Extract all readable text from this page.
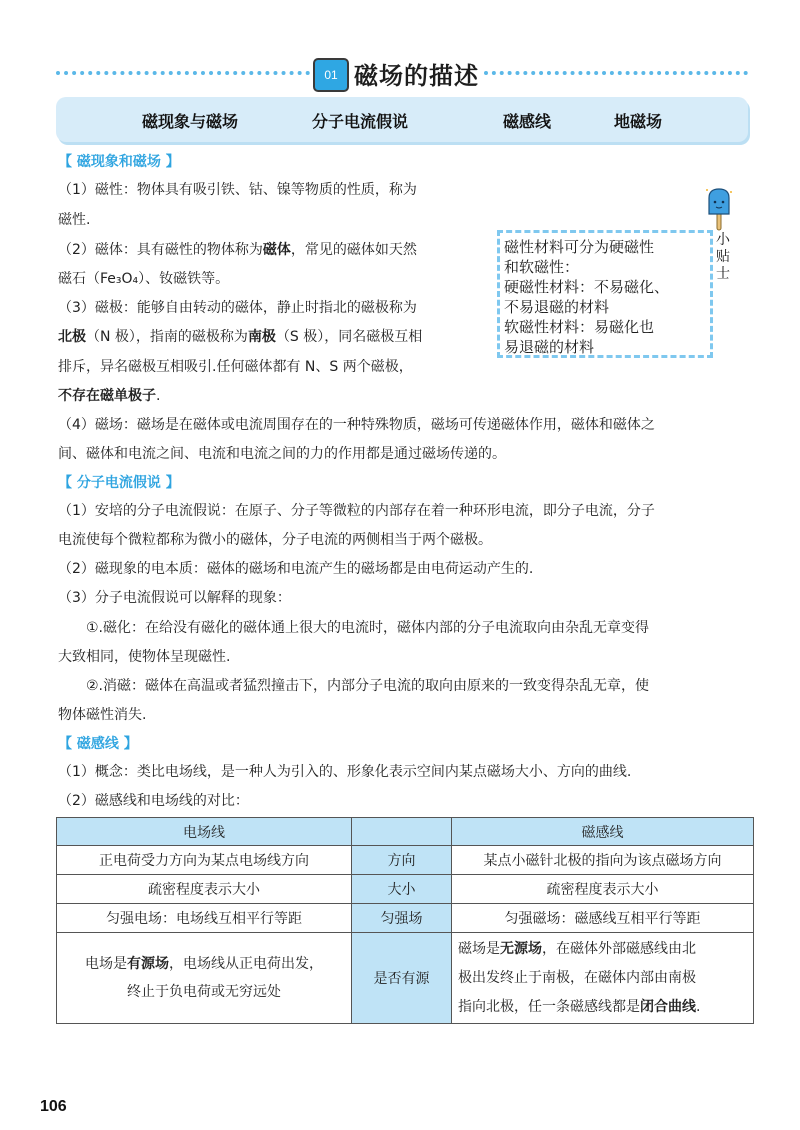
01 磁场的描述
磁现象与磁场	分子电流假说	磁感线	地磁场
【 磁现象和磁场 】
（1）磁性：物体具有吸引铁、钴、镍等物质的性质，称为
磁性.
（2）磁体：具有磁性的物体称为磁体，常见的磁体如天然
磁石（Fe₃O₄）、钕磁铁等。
（3）磁极：能够自由转动的磁体，静止时指北的磁极称为
北极（N 极），指南的磁极称为南极（S 极），同名磁极互相
排斥，异名磁极互相吸引.任何磁体都有 N、S 两个磁极，
不存在磁单极子.
（4）磁场：磁场是在磁体或电流周围存在的一种特殊物质，磁场可传递磁体作用，磁体和磁体之
间、磁体和电流之间、电流和电流之间的力的作用都是通过磁场传递的。
磁性材料可分为硬磁性
和软磁性：
硬磁性材料：不易磁化、
不易退磁的材料
软磁性材料：易磁化也
易退磁的材料
小
贴
士
【 分子电流假说 】
（1）安培的分子电流假说：在原子、分子等微粒的内部存在着一种环形电流，即分子电流，分子
电流使每个微粒都称为微小的磁体，分子电流的两侧相当于两个磁极。
（2）磁现象的电本质：磁体的磁场和电流产生的磁场都是由电荷运动产生的.
（3）分子电流假说可以解释的现象：
①.磁化：在给没有磁化的磁体通上很大的电流时，磁体内部的分子电流取向由杂乱无章变得
大致相同，使物体呈现磁性.
②.消磁：磁体在高温或者猛烈撞击下，内部分子电流的取向由原来的一致变得杂乱无章，使
物体磁性消失.
【 磁感线 】
（1）概念：类比电场线，是一种人为引入的、形象化表示空间内某点磁场大小、方向的曲线.
（2）磁感线和电场线的对比：
电场线		磁感线
正电荷受力方向为某点电场线方向	方向	某点小磁针北极的指向为该点磁场方向
疏密程度表示大小	大小	疏密程度表示大小
匀强电场：电场线互相平行等距	匀强场	匀强磁场：磁感线互相平行等距
电场是有源场，电场线从正电荷出发，
终止于负电荷或无穷远处	是否有源	磁场是无源场，在磁体外部磁感线由北
极出发终止于南极，在磁体内部由南极
指向北极，任一条磁感线都是闭合曲线.
106
